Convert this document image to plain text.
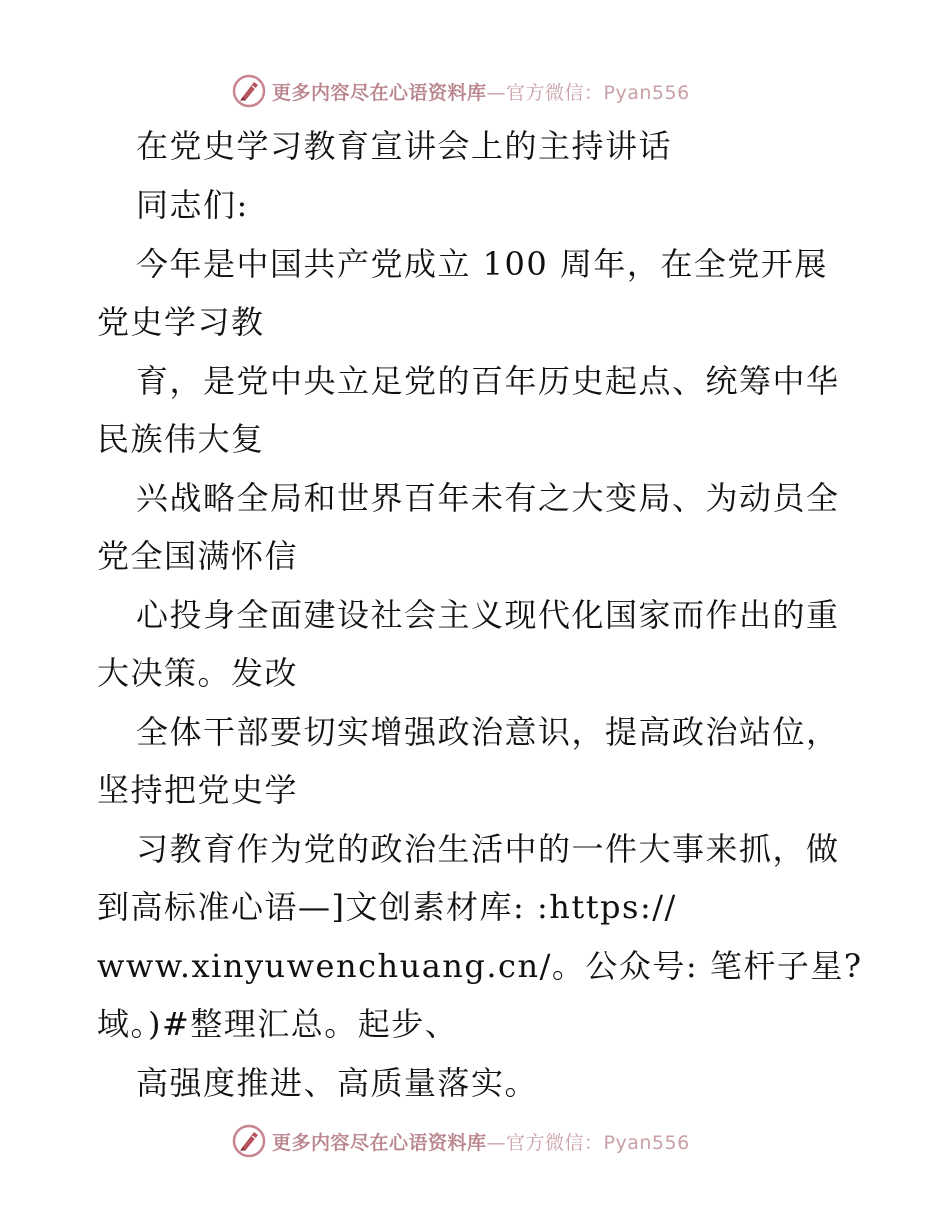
更多内容尽在心语资料库—官方微信：Pyan556
在党史学习教育宣讲会上的主持讲话
同志们:
今年是中国共产党成立 100 周年，在全党开展
党史学习教
育，是党中央立足党的百年历史起点、统筹中华
民族伟大复
兴战略全局和世界百年未有之大变局、为动员全
党全国满怀信
心投身全面建设社会主义现代化国家而作出的重
大决策。发改
全体干部要切实增强政治意识，提高政治站位，
坚持把党史学
习教育作为党的政治生活中的一件大事来抓，做
到高标准心语—]文创素材库: :https://
www.xinyuwenchuang.cn/。公众号: 笔杆子星?
域。)#整理汇总。起步、
高强度推进、高质量落实。
更多内容尽在心语资料库—官方微信：Pyan556
